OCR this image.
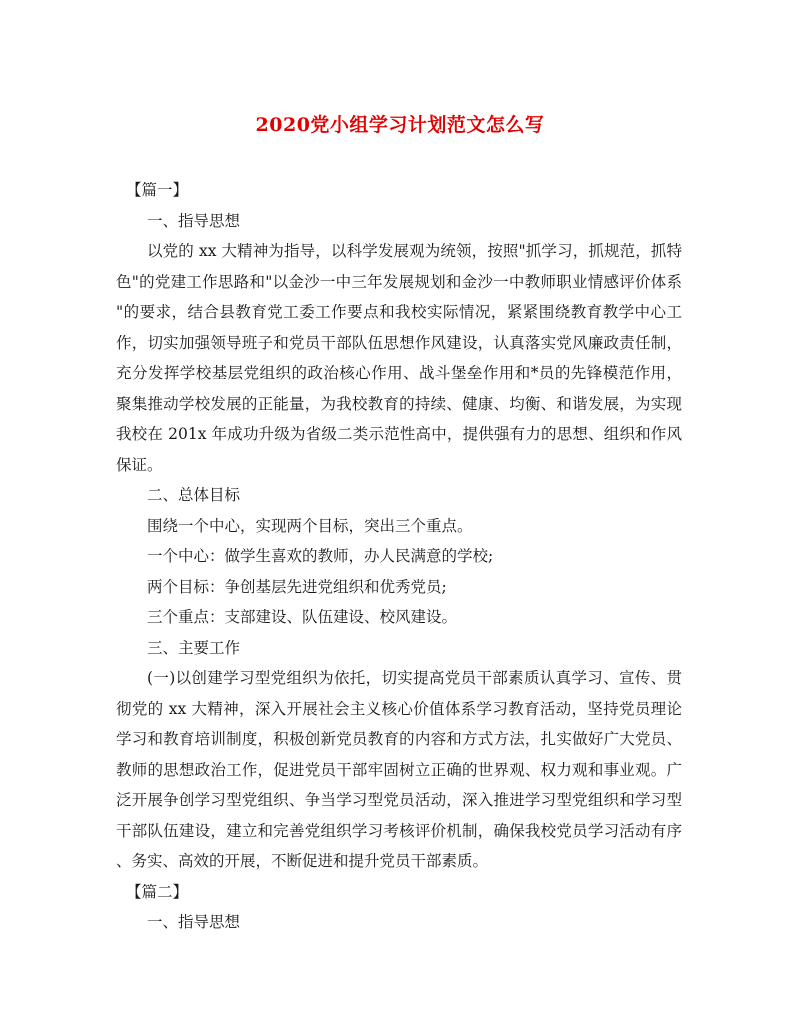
2020党小组学习计划范文怎么写
【篇一】
一、指导思想
以党的 xx 大精神为指导，以科学发展观为统领，按照"抓学习，抓规范，抓特
色"的党建工作思路和"以金沙一中三年发展规划和金沙一中教师职业情感评价体系
"的要求，结合县教育党工委工作要点和我校实际情况，紧紧围绕教育教学中心工
作，切实加强领导班子和党员干部队伍思想作风建设，认真落实党风廉政责任制，
充分发挥学校基层党组织的政治核心作用、战斗堡垒作用和*员的先锋模范作用，
聚集推动学校发展的正能量，为我校教育的持续、健康、均衡、和谐发展，为实现
我校在 201x 年成功升级为省级二类示范性高中，提供强有力的思想、组织和作风
保证。
二、总体目标
围绕一个中心，实现两个目标，突出三个重点。
一个中心：做学生喜欢的教师，办人民满意的学校;
两个目标：争创基层先进党组织和优秀党员;
三个重点：支部建设、队伍建设、校风建设。
三、主要工作
(一)以创建学习型党组织为依托，切实提高党员干部素质认真学习、宣传、贯
彻党的 xx 大精神，深入开展社会主义核心价值体系学习教育活动，坚持党员理论
学习和教育培训制度，积极创新党员教育的内容和方式方法，扎实做好广大党员、
教师的思想政治工作，促进党员干部牢固树立正确的世界观、权力观和事业观。广
泛开展争创学习型党组织、争当学习型党员活动，深入推进学习型党组织和学习型
干部队伍建设，建立和完善党组织学习考核评价机制，确保我校党员学习活动有序
、务实、高效的开展，不断促进和提升党员干部素质。
【篇二】
一、指导思想
